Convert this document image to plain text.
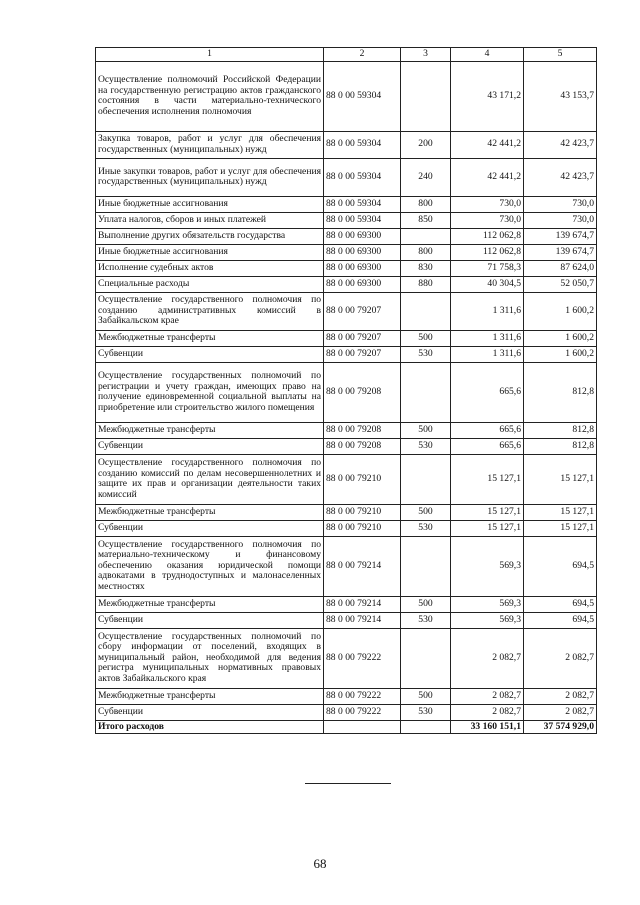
1	2	3	4	5
Осуществление полномочий Российской Федерации на государственную регистрацию актов гражданского состояния в части материально-технического обеспечения исполнения полномочия	88 0 00 59304		43 171,2	43 153,7
Закупка товаров, работ и услуг для обеспечения государственных (муниципальных) нужд	88 0 00 59304	200	42 441,2	42 423,7
Иные закупки товаров, работ и услуг для обеспечения государственных (муниципальных) нужд	88 0 00 59304	240	42 441,2	42 423,7
Иные бюджетные ассигнования	88 0 00 59304	800	730,0	730,0
Уплата налогов, сборов и иных платежей	88 0 00 59304	850	730,0	730,0
Выполнение других обязательств государства	88 0 00 69300		112 062,8	139 674,7
Иные бюджетные ассигнования	88 0 00 69300	800	112 062,8	139 674,7
Исполнение судебных актов	88 0 00 69300	830	71 758,3	87 624,0
Специальные расходы	88 0 00 69300	880	40 304,5	52 050,7
Осуществление государственного полномочия по созданию административных комиссий в Забайкальском крае	88 0 00 79207		1 311,6	1 600,2
Межбюджетные трансферты	88 0 00 79207	500	1 311,6	1 600,2
Субвенции	88 0 00 79207	530	1 311,6	1 600,2
Осуществление государственных полномочий по регистрации и учету граждан, имеющих право на получение единовременной социальной выплаты на приобретение или строительство жилого помещения	88 0 00 79208		665,6	812,8
Межбюджетные трансферты	88 0 00 79208	500	665,6	812,8
Субвенции	88 0 00 79208	530	665,6	812,8
Осуществление государственного полномочия по созданию комиссий по делам несовершеннолетних и защите их прав и организации деятельности таких комиссий	88 0 00 79210		15 127,1	15 127,1
Межбюджетные трансферты	88 0 00 79210	500	15 127,1	15 127,1
Субвенции	88 0 00 79210	530	15 127,1	15 127,1
Осуществление государственного полномочия по материально-техническому и финансовому обеспечению оказания юридической помощи адвокатами в труднодоступных и малонаселенных местностях	88 0 00 79214		569,3	694,5
Межбюджетные трансферты	88 0 00 79214	500	569,3	694,5
Субвенции	88 0 00 79214	530	569,3	694,5
Осуществление государственных полномочий по сбору информации от поселений, входящих в муниципальный район, необходимой для ведения регистра муниципальных нормативных правовых актов Забайкальского края	88 0 00 79222		2 082,7	2 082,7
Межбюджетные трансферты	88 0 00 79222	500	2 082,7	2 082,7
Субвенции	88 0 00 79222	530	2 082,7	2 082,7
Итого расходов			33 160 151,1	37 574 929,0
68
